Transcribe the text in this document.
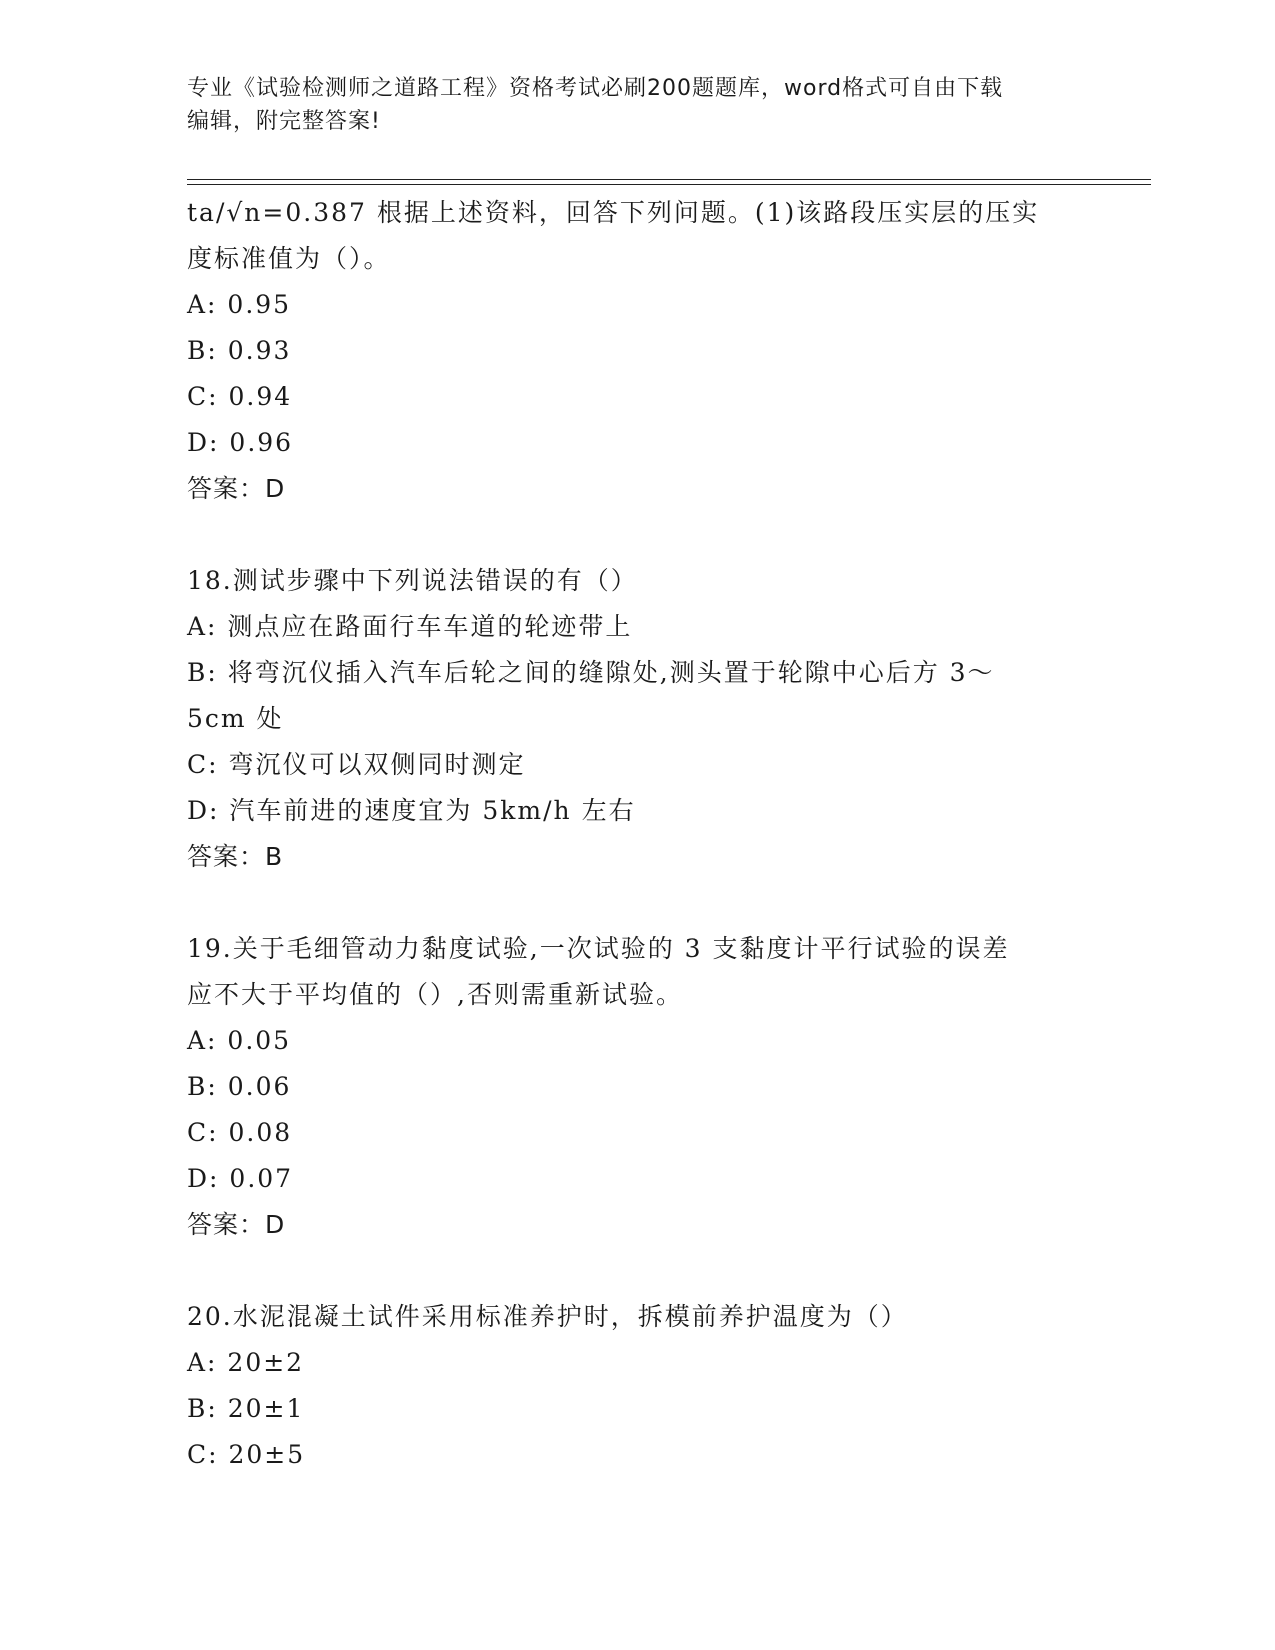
专业《试验检测师之道路工程》资格考试必刷200题题库，word格式可自由下载
编辑，附完整答案!
ta/√n=0.387 根据上述资料，回答下列问题。(1)该路段压实层的压实
度标准值为（）。
A: 0.95
B: 0.93
C: 0.94
D: 0.96
答案：D
18.测试步骤中下列说法错误的有（）
A: 测点应在路面行车车道的轮迹带上
B: 将弯沉仪插入汽车后轮之间的缝隙处,测头置于轮隙中心后方 3～
5cm 处
C: 弯沉仪可以双侧同时测定
D: 汽车前进的速度宜为 5km/h 左右
答案：B
19.关于毛细管动力黏度试验,一次试验的 3 支黏度计平行试验的误差
应不大于平均值的（）,否则需重新试验。
A: 0.05
B: 0.06
C: 0.08
D: 0.07
答案：D
20.水泥混凝土试件采用标准养护时，拆模前养护温度为（）
A: 20±2
B: 20±1
C: 20±5
